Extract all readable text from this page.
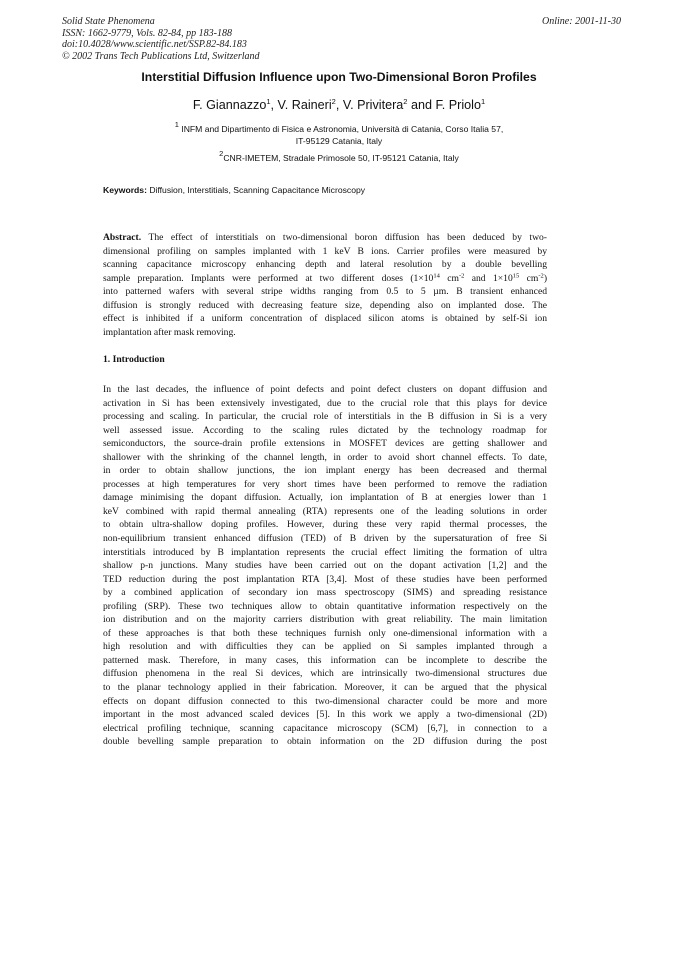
Solid State Phenomena
ISSN: 1662-9779, Vols. 82-84, pp 183-188
doi:10.4028/www.scientific.net/SSP.82-84.183
© 2002 Trans Tech Publications Ltd, Switzerland
Online: 2001-11-30
Interstitial Diffusion Influence upon Two-Dimensional Boron Profiles
F. Giannazzo$^1$, V. Raineri$^2$, V. Privitera$^2$ and F. Priolo$^1$
$^1$ INFM and Dipartimento di Fisica e Astronomia, Università di Catania, Corso Italia 57,
IT-95129 Catania, Italy
$^2$CNR-IMETEM, Stradale Primosole 50, IT-95121 Catania, Italy
Keywords: Diffusion, Interstitials, Scanning Capacitance Microscopy
Abstract. The effect of interstitials on two-dimensional boron diffusion has been deduced by two-
dimensional profiling on samples implanted with 1 keV B ions. Carrier profiles were measured by
scanning capacitance microscopy enhancing depth and lateral resolution by a double bevelling
sample preparation. Implants were performed at two different doses ($1\times 10^{14}$ $cm^{-2}$ and $1\times 10^{15}$ $cm^{-2}$)
into patterned wafers with several stripe widths ranging from 0.5 to 5 µm. B transient enhanced
diffusion is strongly reduced with decreasing feature size, depending also on implanted dose. The
effect is inhibited if a uniform concentration of displaced silicon atoms is obtained by self-Si ion
implantation after mask removing.
1. Introduction
In the last decades, the influence of point defects and point defect clusters on dopant diffusion and
activation in Si has been extensively investigated, due to the crucial role that this plays for device
processing and scaling. In particular, the crucial role of interstitials in the B diffusion in Si is a very
well assessed issue. According to the scaling rules dictated by the technology roadmap for
semiconductors, the source-drain profile extensions in MOSFET devices are getting shallower and
shallower with the shrinking of the channel length, in order to avoid short channel effects. To date,
in order to obtain shallow junctions, the ion implant energy has been decreased and thermal
processes at high temperatures for very short times have been performed to remove the radiation
damage minimising the dopant diffusion. Actually, ion implantation of B at energies lower than 1
keV combined with rapid thermal annealing (RTA) represents one of the leading solutions in order
to obtain ultra-shallow doping profiles. However, during these very rapid thermal processes, the
non-equilibrium transient enhanced diffusion (TED) of B driven by the supersaturation of free Si
interstitials introduced by B implantation represents the crucial effect limiting the formation of ultra
shallow p-n junctions. Many studies have been carried out on the dopant activation [1,2] and the
TED reduction during the post implantation RTA [3,4]. Most of these studies have been performed
by a combined application of secondary ion mass spectroscopy (SIMS) and spreading resistance
profiling (SRP). These two techniques allow to obtain quantitative information respectively on the
ion distribution and on the majority carriers distribution with great reliability. The main limitation
of these approaches is that both these techniques furnish only one-dimensional information with a
high resolution and with difficulties they can be applied on Si samples implanted through a
patterned mask. Therefore, in many cases, this information can be incomplete to describe the
diffusion phenomena in the real Si devices, which are intrinsically two-dimensional structures due
to the planar technology applied in their fabrication. Moreover, it can be argued that the physical
effects on dopant diffusion connected to this two-dimensional character could be more and more
important in the most advanced scaled devices [5]. In this work we apply a two-dimensional (2D)
electrical profiling technique, scanning capacitance microscopy (SCM) [6,7], in connection to a
double bevelling sample preparation to obtain information on the 2D diffusion during the post
